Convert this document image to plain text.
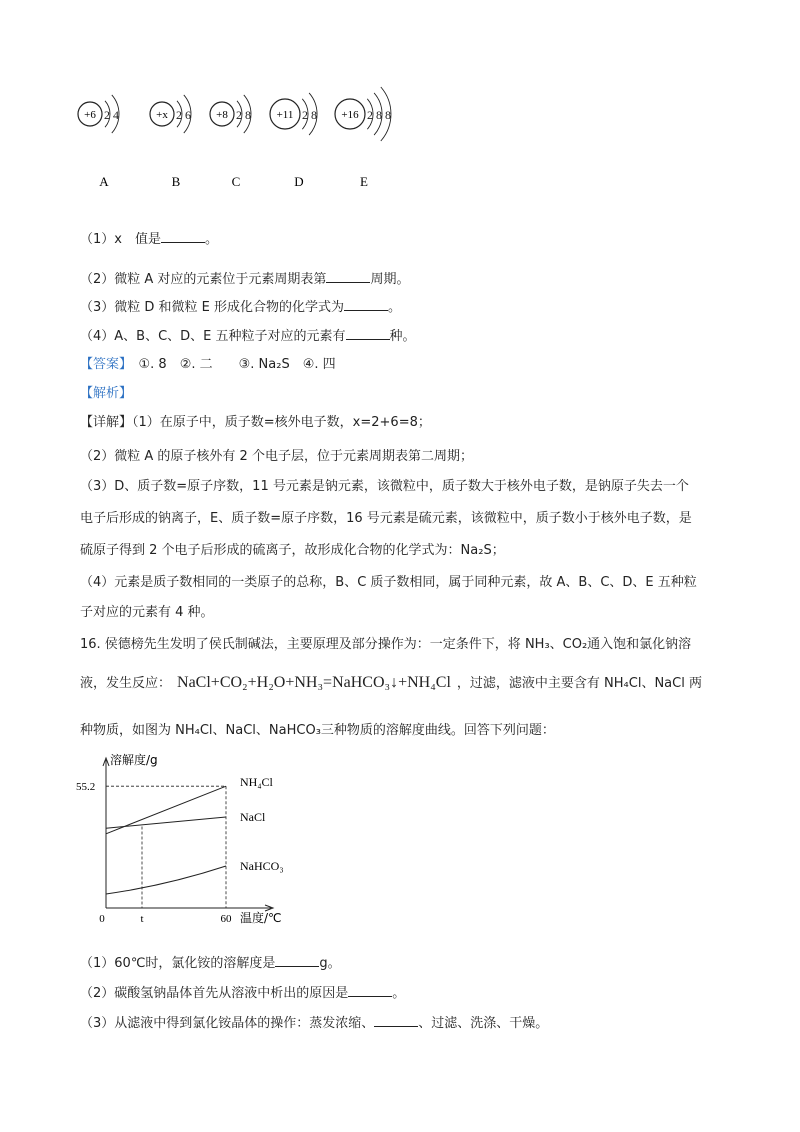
+6 2 4
A
+x 2 6
B
+8 2 8
C
+11 2 8
D
+16 2 8 8
E
（1）x　值是	。
（2）微粒 A 对应的元素位于元素周期表第	周期。
（3）微粒 D 和微粒 E 形成化合物的化学式为	。
（4）A、B、C、D、E 五种粒子对应的元素有	种。
【答案】　①. 8　②. 二　　③. Na₂S　④. 四
【解析】
【详解】（1）在原子中，质子数=核外电子数，x=2+6=8；
（2）微粒 A 的原子核外有 2 个电子层，位于元素周期表第二周期；
（3）D、质子数=原子序数，11 号元素是钠元素，该微粒中，质子数大于核外电子数，是钠原子失去一个
电子后形成的钠离子，E、质子数=原子序数，16 号元素是硫元素，该微粒中，质子数小于核外电子数，是
硫原子得到 2 个电子后形成的硫离子，故形成化合物的化学式为：Na₂S；
（4）元素是质子数相同的一类原子的总称，B、C 质子数相同，属于同种元素，故 A、B、C、D、E 五种粒
子对应的元素有 4 种。
16. 侯德榜先生发明了侯氏制碱法，主要原理及部分操作为：一定条件下，将 NH₃、CO₂通入饱和氯化钠溶
液，发生反应： NaCl+CO₂+H₂O+NH₃=NaHCO₃↓+NH₄Cl ，过滤，滤液中主要含有 NH₄Cl、NaCl 两
种物质，如图为 NH₄Cl、NaCl、NaHCO₃三种物质的溶解度曲线。回答下列问题：
溶解度/g
温度/℃
0	t	60
55.2	NH₄Cl
NaCl
NaHCO₃
（1）60℃时，氯化铵的溶解度是	g。
（2）碳酸氢钠晶体首先从溶液中析出的原因是	。
（3）从滤液中得到氯化铵晶体的操作：蒸发浓缩、	、过滤、洗涤、干燥。
